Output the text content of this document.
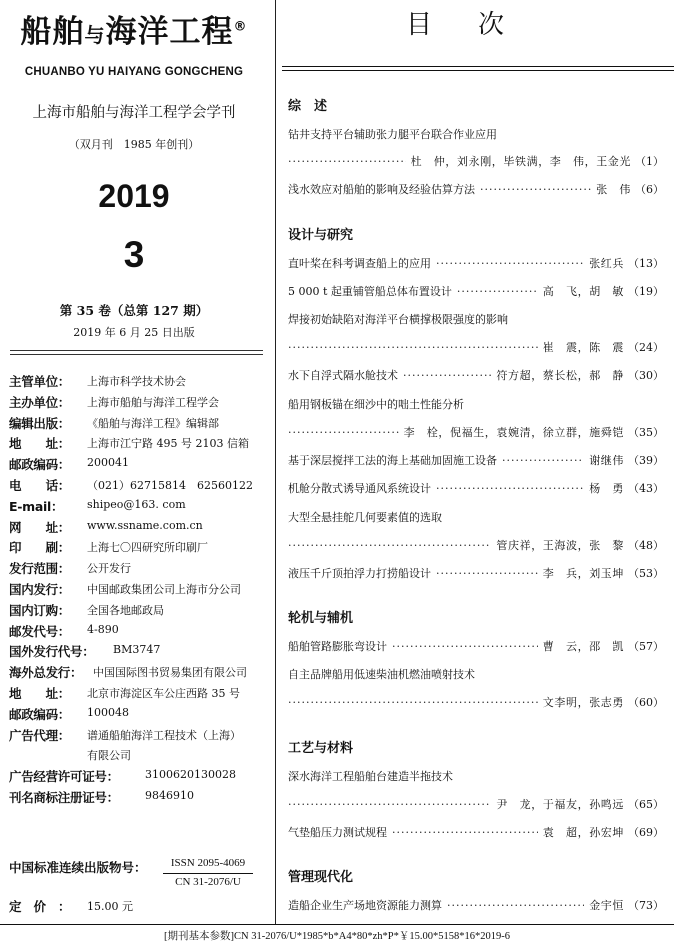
船舶与海洋工程®
CHUANBO YU HAIYANG GONGCHENG
上海市船舶与海洋工程学会学刊
（双月刊　1985 年创刊）
2019
3
第 35 卷（总第 127 期）
2019 年 6 月 25 日出版
主管单位： 上海市科学技术协会
主办单位： 上海市船舶与海洋工程学会
编辑出版： 《船舶与海洋工程》编辑部
地　　址： 上海市江宁路 495 号 2103 信箱
邮政编码： 200041
电　　话： （021）62715814　62560122
E-mail： shipeo@163. com
网　　址： www.ssname.com.cn
印　　刷： 上海七〇四研究所印刷厂
发行范围： 公开发行
国内发行： 中国邮政集团公司上海市分公司
国内订购： 全国各地邮政局
邮发代号： 4-890
国外发行代号： BM3747
海外总发行： 中国国际图书贸易集团有限公司
地　　址： 北京市海淀区车公庄西路 35 号
邮政编码： 100048
广告代理： 谱通船舶海洋工程技术（上海）
有限公司
广告经营许可证号： 3100620130028
刊名商标注册证号： 9846910
中国标准连续出版物号：	ISSN 2095-4069
CN 31-2076/U
定价： 15.00 元
[期刊基本参数]CN 31-2076/U*1985*b*A4*80*zh*P*￥15.00*5158*16*2019-6
目次
综　述
钻井支持平台辅助张力腿平台联合作业应用
·····
杜　仲，刘永刚，毕铁满，李　伟，王金光 （1）
浅水效应对船舶的影响及经验估算方法 ·····	张　伟 （6）
设计与研究
直叶桨在科考调查船上的应用 ·····	张红兵 （13）
5 000 t 起重铺管船总体布置设计 ·····	高　飞，胡　敏 （19）
焊接初始缺陷对海洋平台横撑极限强度的影响
·····
崔　震，陈　震 （24）
水下自浮式隔水舱技术 ·····	符方超，蔡长松，郝　静 （30）
船用钢板锚在细沙中的咄土性能分析
·····
李　栓，倪福生，袁婉清，徐立群，施舜铠 （35）
基于深层搅拌工法的海上基础加固施工设备 ·····	谢继伟 （39）
机舱分散式诱导通风系统设计 ·····	杨　勇 （43）
大型全悬挂舵几何要素值的选取
·····
管庆祥，王海波，张　黎 （48）
液压千斤顶拍浮力打捞船设计 ·····	李　兵，刘玉坤 （53）
轮机与辅机
船舶管路膨胀弯设计 ·····	曹　云，邵　凯 （57）
自主品牌船用低速柴油机燃油喷射技术
·····
文李明，张志勇 （60）
工艺与材料
深水海洋工程船舶台建造半拖技术
·····
尹　龙，于福友，孙鸣远 （65）
气垫船压力测试规程 ·····	袁　超，孙宏坤 （69）
管理现代化
造船企业生产场地资源能力测算 ·····	金宇恒 （73）
